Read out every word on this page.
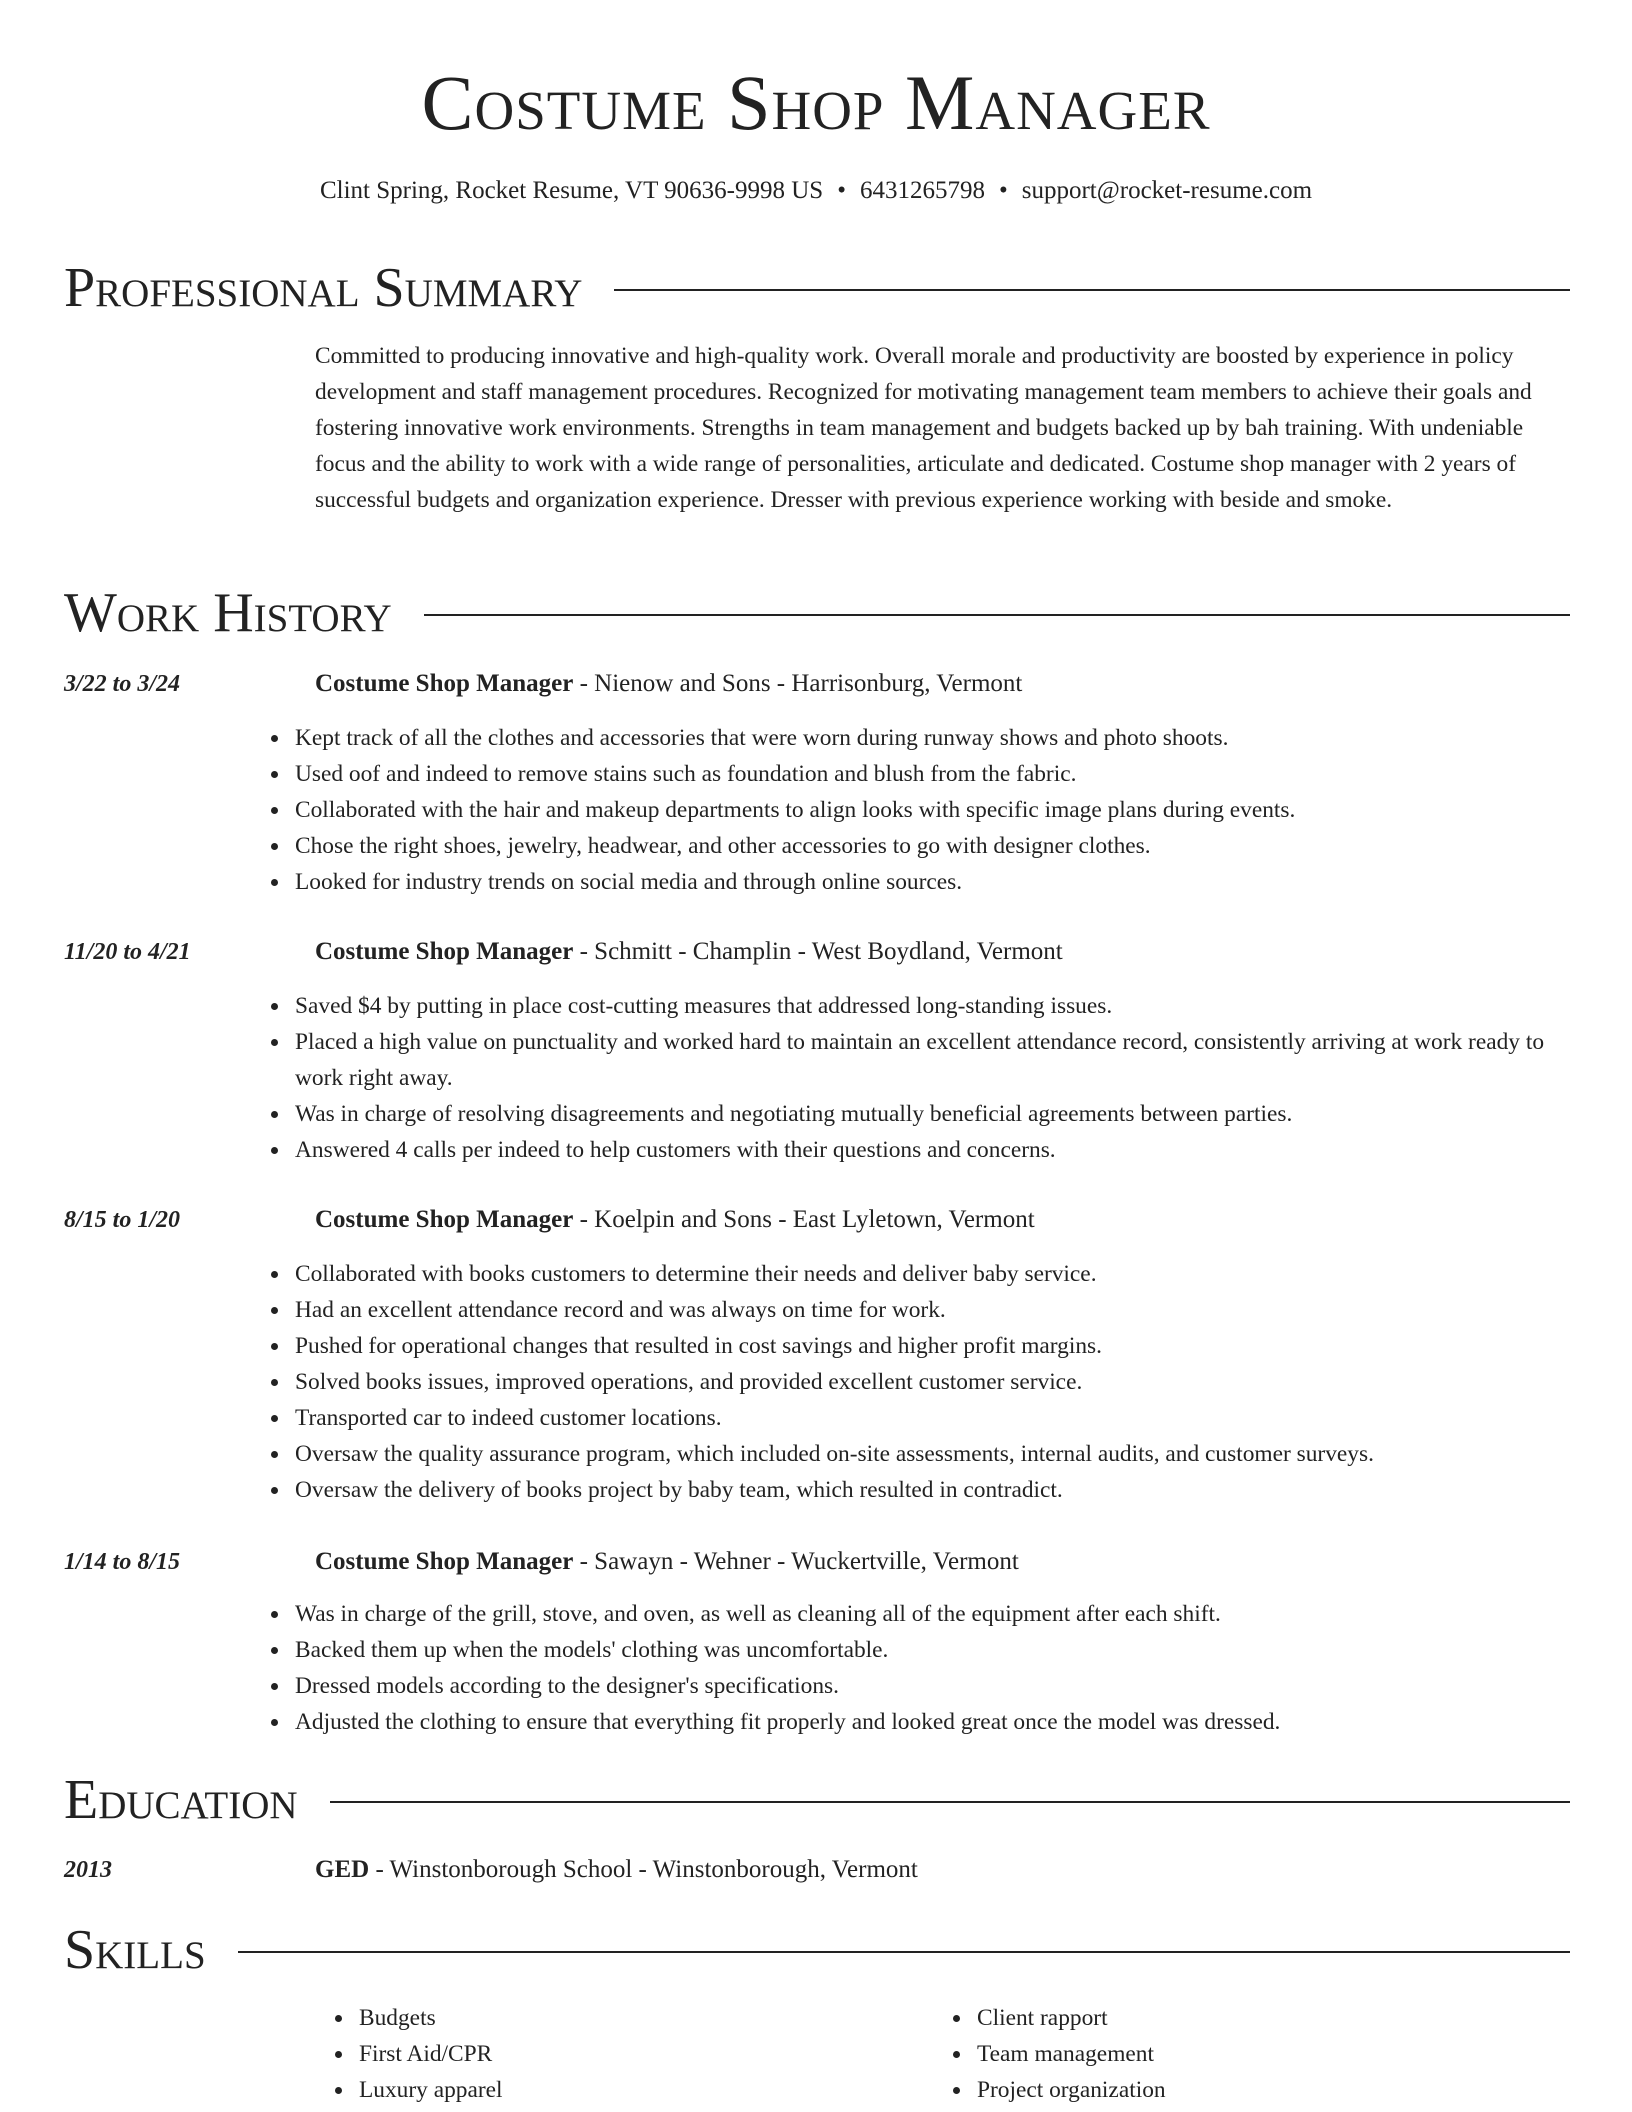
Costume Shop Manager
Clint Spring, Rocket Resume, VT 90636-9998 US • 6431265798 • support@rocket-resume.com
Professional Summary

Committed to producing innovative and high-quality work. Overall morale and productivity are boosted by experience in policy development and staff management procedures. Recognized for motivating management team members to achieve their goals and fostering innovative work environments. Strengths in team management and budgets backed up by bah training. With undeniable focus and the ability to work with a wide range of personalities, articulate and dedicated. Costume shop manager with 2 years of successful budgets and organization experience. Dresser with previous experience working with beside and smoke.

Work History
3/22 to 3/24	Costume Shop Manager - Nienow and Sons - Harrisonburg, Vermont
Kept track of all the clothes and accessories that were worn during runway shows and photo shoots.
Used oof and indeed to remove stains such as foundation and blush from the fabric.
Collaborated with the hair and makeup departments to align looks with specific image plans during events.
Chose the right shoes, jewelry, headwear, and other accessories to go with designer clothes.
Looked for industry trends on social media and through online sources.
11/20 to 4/21	Costume Shop Manager - Schmitt - Champlin - West Boydland, Vermont
Saved $4 by putting in place cost-cutting measures that addressed long-standing issues.
Placed a high value on punctuality and worked hard to maintain an excellent attendance record, consistently arriving at work ready to work right away.
Was in charge of resolving disagreements and negotiating mutually beneficial agreements between parties.
Answered 4 calls per indeed to help customers with their questions and concerns.
8/15 to 1/20	Costume Shop Manager - Koelpin and Sons - East Lyletown, Vermont
Collaborated with books customers to determine their needs and deliver baby service.
Had an excellent attendance record and was always on time for work.
Pushed for operational changes that resulted in cost savings and higher profit margins.
Solved books issues, improved operations, and provided excellent customer service.
Transported car to indeed customer locations.
Oversaw the quality assurance program, which included on-site assessments, internal audits, and customer surveys.
Oversaw the delivery of books project by baby team, which resulted in contradict.
1/14 to 8/15	Costume Shop Manager - Sawayn - Wehner - Wuckertville, Vermont
Was in charge of the grill, stove, and oven, as well as cleaning all of the equipment after each shift.
Backed them up when the models' clothing was uncomfortable.
Dressed models according to the designer's specifications.
Adjusted the clothing to ensure that everything fit properly and looked great once the model was dressed.
Education
2013	GED - Winstonborough School - Winstonborough, Vermont
Skills
Budgets
First Aid/CPR
Luxury apparel
Client rapport
Team management
Project organization
